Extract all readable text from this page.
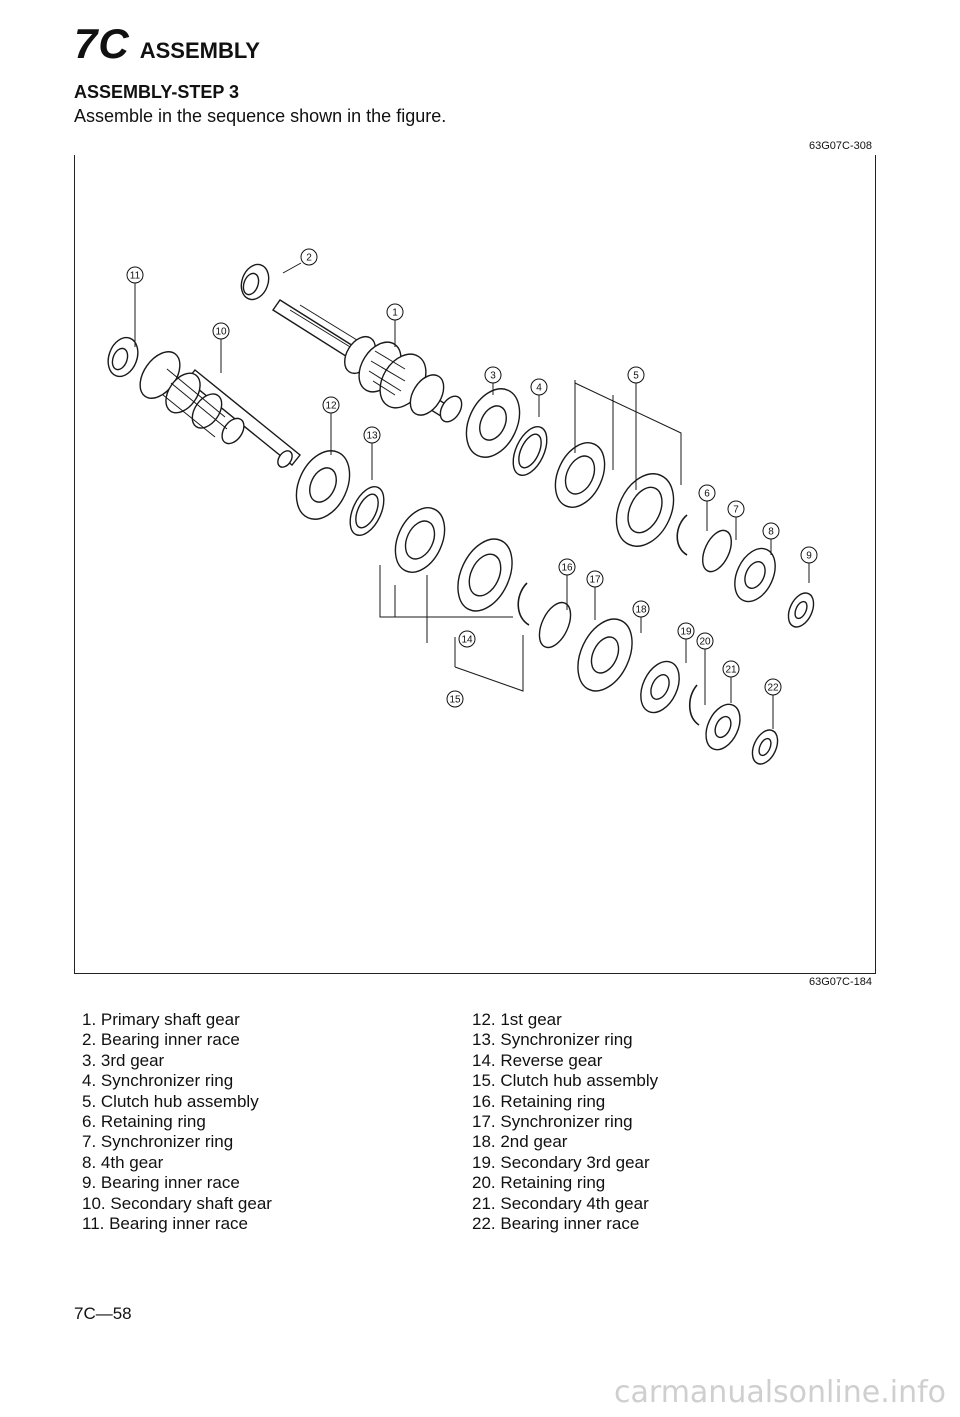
7C ASSEMBLY
ASSEMBLY-STEP 3
Assemble in the sequence shown in the figure.
63G07C-308
1
2
3
4
5
6
7
8
9
10
11
12
13
14
15
16
17
18
19
20
21
22
63G07C-184
1. Primary shaft gear
2. Bearing inner race
3. 3rd gear
4. Synchronizer ring
5. Clutch hub assembly
6. Retaining ring
7. Synchronizer ring
8. 4th gear
9. Bearing inner race
10. Secondary shaft gear
11. Bearing inner race
12. 1st gear
13. Synchronizer ring
14. Reverse gear
15. Clutch hub assembly
16. Retaining ring
17. Synchronizer ring
18. 2nd gear
19. Secondary 3rd gear
20. Retaining ring
21. Secondary 4th gear
22. Bearing inner race
7C—58
carmanualsonline.info
